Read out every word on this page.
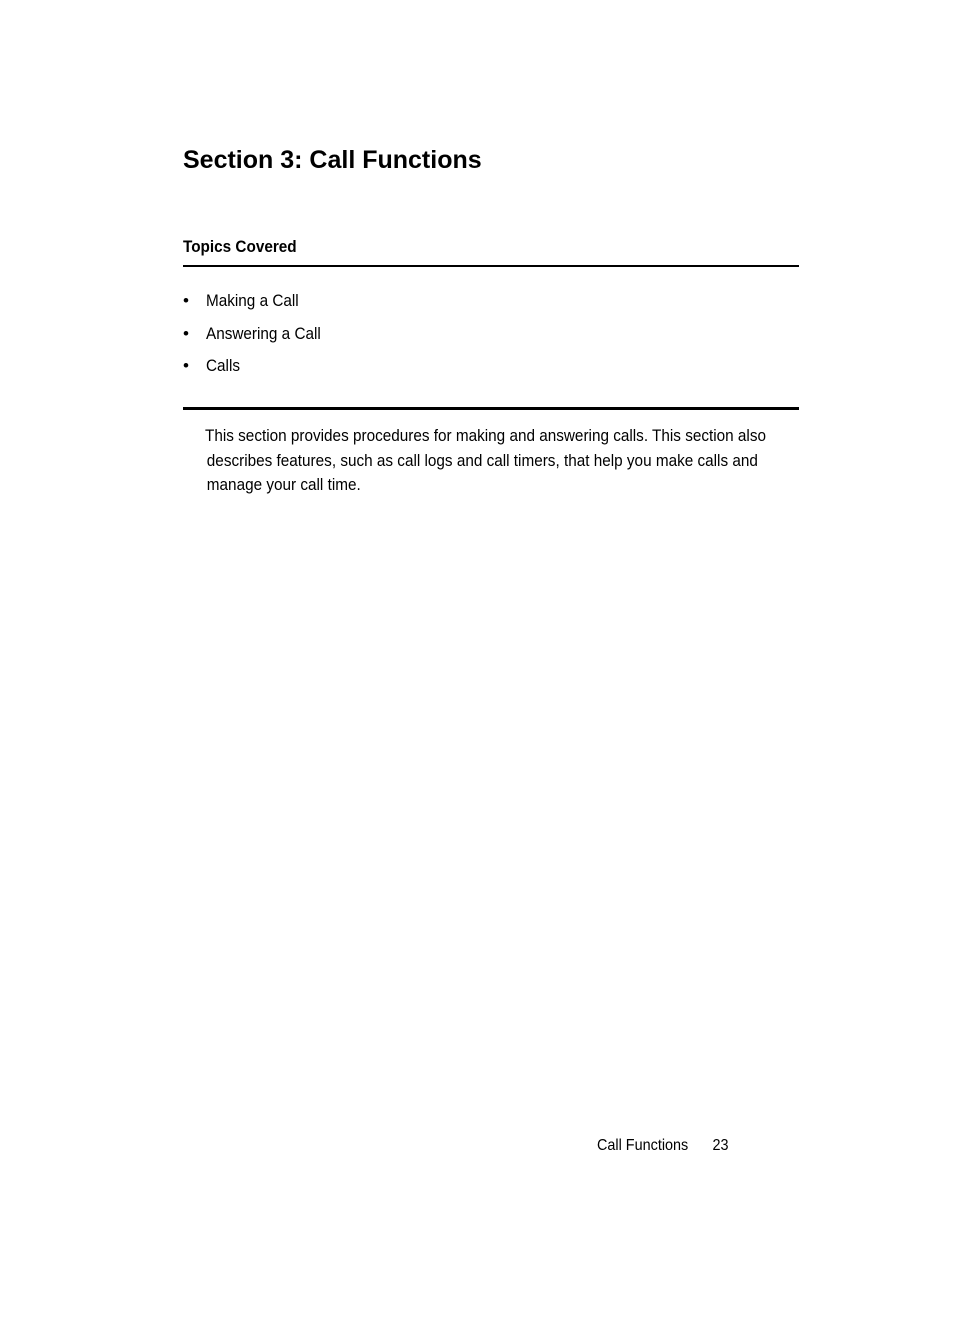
Section 3: Call Functions
Topics Covered
•	Making a Call
•	Answering a Call
•	Calls

This section provides procedures for making and answering calls. This section also
describes features, such as call logs and call timers, that help you make calls and
manage your call time.

Call Functions 23
